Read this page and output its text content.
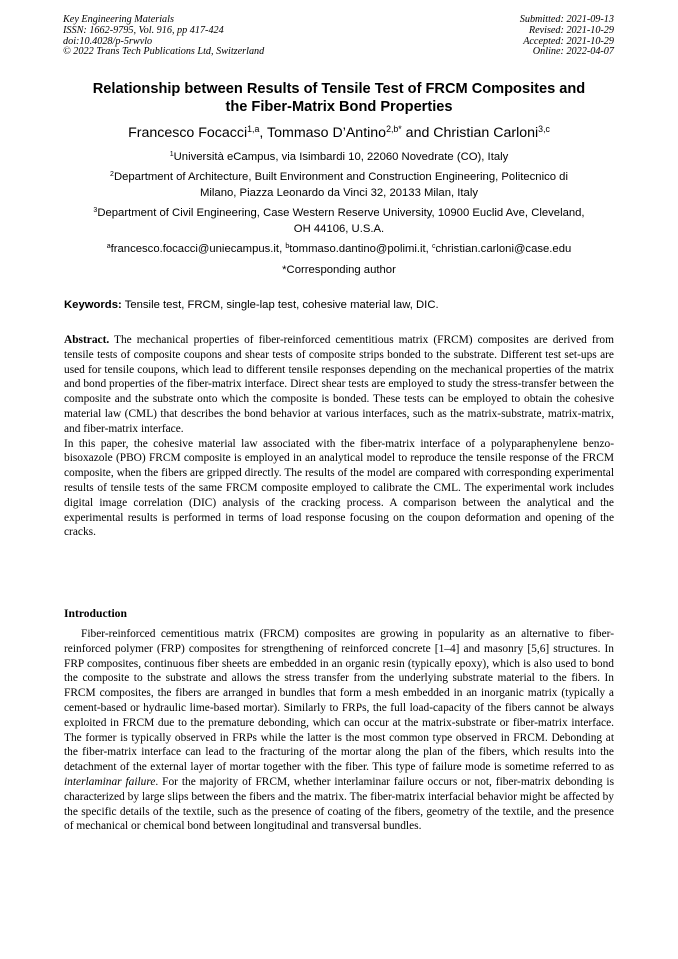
Key Engineering Materials
ISSN: 1662-9795, Vol. 916, pp 417-424
doi:10.4028/p-5rwvlo
© 2022 Trans Tech Publications Ltd, Switzerland
Submitted: 2021-09-13
Revised: 2021-10-29
Accepted: 2021-10-29
Online: 2022-04-07
Relationship between Results of Tensile Test of FRCM Composites and
the Fiber-Matrix Bond Properties
Francesco Focacci$^{1,a}$, Tommaso D’Antino$^{2,b*}$ and Christian Carloni$^{3,c}$
$^1$Università eCampus, via Isimbardi 10, 22060 Novedrate (CO), Italy
$^2$Department of Architecture, Built Environment and Construction Engineering, Politecnico di
Milano, Piazza Leonardo da Vinci 32, 20133 Milan, Italy
$^3$Department of Civil Engineering, Case Western Reserve University, 10900 Euclid Ave, Cleveland,
OH 44106, U.S.A.
$^a$francesco.focacci@uniecampus.it, $^b$tommaso.dantino@polimi.it, $^c$christian.carloni@case.edu
*Corresponding author
Keywords: Tensile test, FRCM, single-lap test, cohesive material law, DIC.

Abstract. The mechanical properties of fiber-reinforced cementitious matrix (FRCM) composites are derived from tensile tests of composite coupons and shear tests of composite strips bonded to the substrate. Different test set-ups are used for tensile coupons, which lead to different tensile responses depending on the mechanical properties of the matrix and bond properties of the fiber-matrix interface. Direct shear tests are employed to study the stress-transfer between the composite and the substrate onto which the composite is bonded. These tests can be employed to obtain the cohesive material law (CML) that describes the bond behavior at various interfaces, such as the matrix-substrate, matrix-matrix, and fiber-matrix interface.

In this paper, the cohesive material law associated with the fiber-matrix interface of a polyparaphenylene benzo-bisoxazole (PBO) FRCM composite is employed in an analytical model to reproduce the tensile response of the FRCM composite, when the fibers are gripped directly. The results of the model are compared with corresponding experimental results of tensile tests of the same FRCM composite employed to calibrate the CML. The experimental work includes digital image correlation (DIC) analysis of the cracking process. A comparison between the analytical and the experimental results is performed in terms of load response focusing on the coupon deformation and opening of the cracks.

Introduction

Fiber-reinforced cementitious matrix (FRCM) composites are growing in popularity as an alternative to fiber-reinforced polymer (FRP) composites for strengthening of reinforced concrete [1–4] and masonry [5,6] structures. In FRP composites, continuous fiber sheets are embedded in an organic resin (typically epoxy), which is also used to bond the composite to the substrate and allows the stress transfer from the underlying substrate material to the fibers. In FRCM composites, the fibers are arranged in bundles that form a mesh embedded in an inorganic matrix (typically a cement-based or hydraulic lime-based mortar). Similarly to FRPs, the full load-capacity of the fibers cannot be always exploited in FRCM due to the premature debonding, which can occur at the matrix-substrate or fiber-matrix interface. The former is typically observed in FRPs while the latter is the most common type observed in FRCM. Debonding at the fiber-matrix interface can lead to the fracturing of the mortar along the plan of the fibers, which results into the detachment of the external layer of mortar together with the fiber. This type of failure mode is sometime referred to as interlaminar failure. For the majority of FRCM, whether interlaminar failure occurs or not, fiber-matrix debonding is characterized by large slips between the fibers and the matrix. The fiber-matrix interfacial behavior might be affected by the specific details of the textile, such as the presence of coating of the fibers, geometry of the textile, and the presence of mechanical or chemical bond between longitudinal and transversal bundles.
